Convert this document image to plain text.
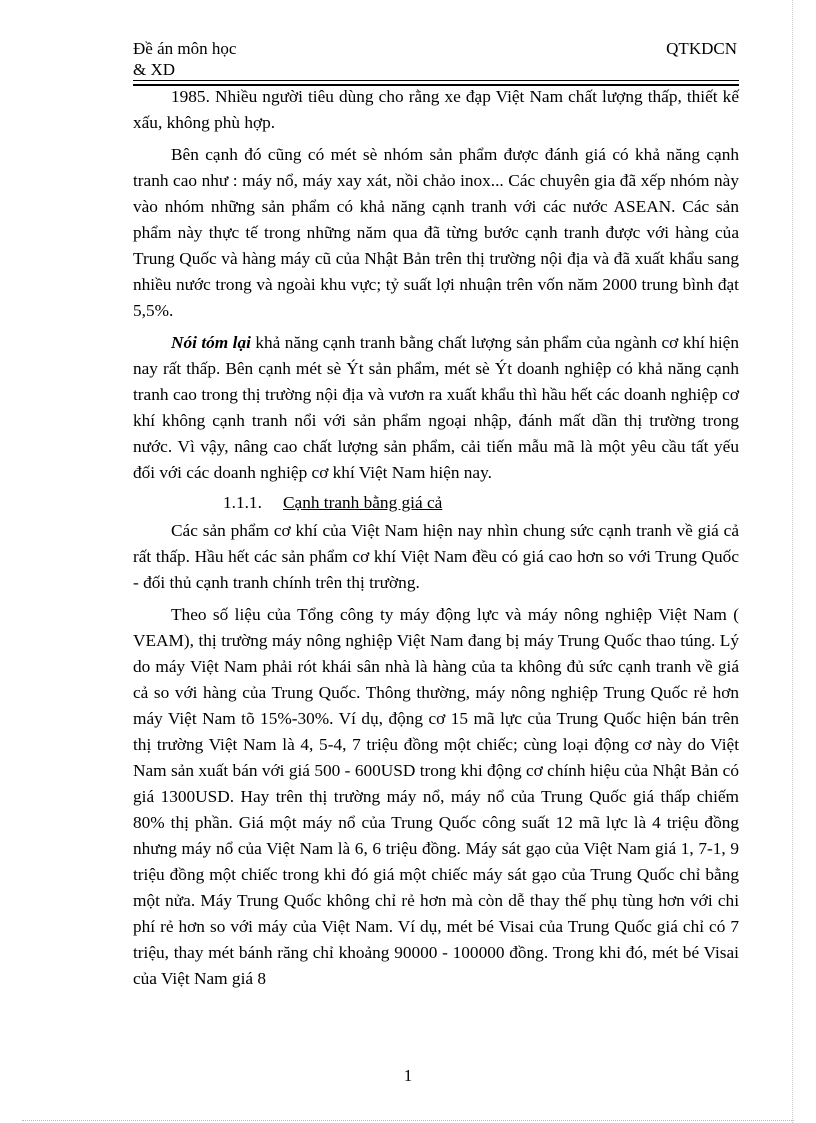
Đề án môn học
& XD
QTKDCN

1985. Nhiều người tiêu dùng cho rằng xe đạp Việt Nam chất lượng thấp, thiết kế xấu, không phù hợp.

Bên cạnh đó cũng có mét sè nhóm sản phẩm được đánh giá có khả năng cạnh tranh cao như : máy nổ, máy xay xát, nồi chảo inox... Các chuyên gia đã xếp nhóm này vào nhóm những sản phẩm có khả năng cạnh tranh với các nước ASEAN. Các sản phẩm này thực tế trong những năm qua đã từng bước cạnh tranh được với hàng của Trung Quốc và hàng máy cũ của Nhật Bản trên thị trường nội địa và đã xuất khẩu sang nhiều nước trong và ngoài khu vực; tỷ suất lợi nhuận trên vốn năm 2000 trung bình đạt 5,5%.

Nói tóm lại khả năng cạnh tranh bằng chất lượng sản phẩm của ngành cơ khí hiện nay rất thấp. Bên cạnh mét sè Ýt sản phẩm, mét sè Ýt doanh nghiệp có khả năng cạnh tranh cao trong thị trường nội địa và vươn ra xuất khẩu thì hầu hết các doanh nghiệp cơ khí không cạnh tranh nổi với sản phẩm ngoại nhập, đánh mất dần thị trường trong nước. Vì vậy, nâng cao chất lượng sản phẩm, cải tiến mẫu mã là một yêu cầu tất yếu đối với các doanh nghiệp cơ khí Việt Nam hiện nay.

1.1.1. Cạnh tranh bằng giá cả

Các sản phẩm cơ khí của Việt Nam hiện nay nhìn chung sức cạnh tranh về giá cả rất thấp. Hầu hết các sản phẩm cơ khí Việt Nam đều có giá cao hơn so với Trung Quốc - đối thủ cạnh tranh chính trên thị trường.

Theo số liệu của Tổng công ty máy động lực và máy nông nghiệp Việt Nam ( VEAM), thị trường máy nông nghiệp Việt Nam đang bị máy Trung Quốc thao túng. Lý do máy Việt Nam phải rót khái sân nhà là hàng của ta không đủ sức cạnh tranh về giá cả so với hàng của Trung Quốc. Thông thường, máy nông nghiệp Trung Quốc rẻ hơn máy Việt Nam tõ 15%-30%. Ví dụ, động cơ 15 mã lực của Trung Quốc hiện bán trên thị trường Việt Nam là 4, 5-4, 7 triệu đồng một chiếc; cùng loại động cơ này do Việt Nam sản xuất bán với giá 500 - 600USD trong khi động cơ chính hiệu của Nhật Bản có giá 1300USD. Hay trên thị trường máy nổ, máy nổ của Trung Quốc giá thấp chiếm 80% thị phần. Giá một máy nổ của Trung Quốc công suất 12 mã lực là 4 triệu đồng nhưng máy nổ của Việt Nam là 6, 6 triệu đồng. Máy sát gạo của Việt Nam giá 1, 7-1, 9 triệu đồng một chiếc trong khi đó giá một chiếc máy sát gạo của Trung Quốc chỉ bằng một nửa. Máy Trung Quốc không chỉ rẻ hơn mà còn dễ thay thế phụ tùng hơn với chi phí rẻ hơn so với máy của Việt Nam. Ví dụ, mét bé Visai của Trung Quốc giá chỉ có 7 triệu, thay mét bánh răng chỉ khoảng 90000 - 100000 đồng. Trong khi đó, mét bé Visai của Việt Nam giá 8

1
